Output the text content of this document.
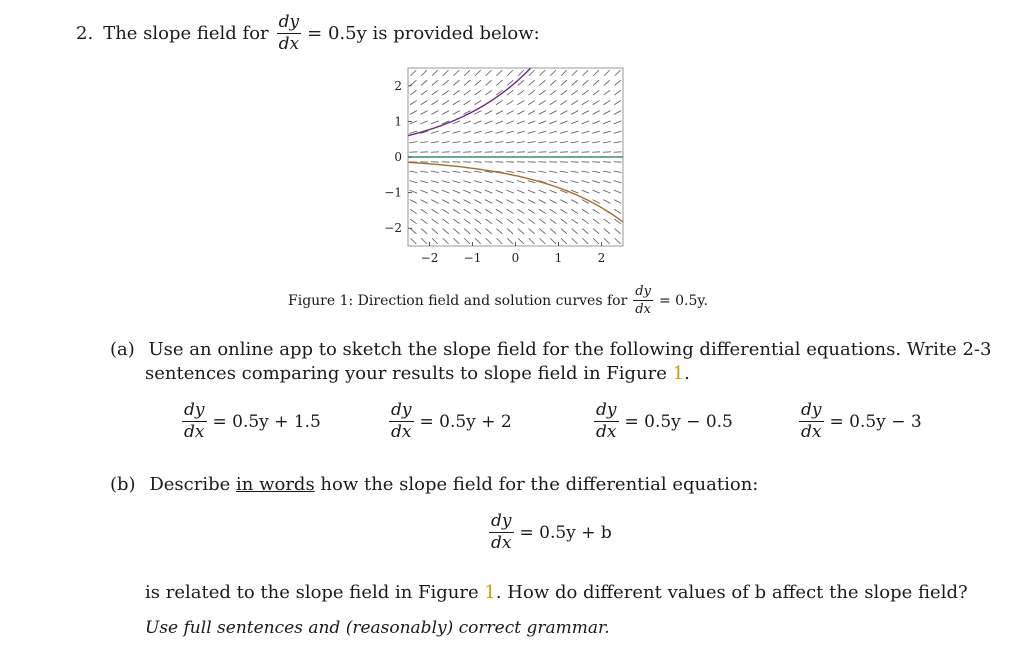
2. The slope field for $\frac{dy}{dx} = 0.5y$ is provided below:
−2 −1	0	1	2
2
1
0
−1
−2
Figure 1: Direction field and solution curves for $\frac{dy}{dx} = 0.5y$.
(a) Use an online app to sketch the slope field for the following differential equations. Write 2-3
sentences comparing your results to slope field in Figure 1.
$\frac{dy}{dx} = 0.5y + 1.5$	$\frac{dy}{dx} = 0.5y + 2$	$\frac{dy}{dx} = 0.5y - 0.5$	$\frac{dy}{dx} = 0.5y - 3$
(b) Describe in words how the slope field for the differential equation:
$\frac{dy}{dx} = 0.5y + b$
is related to the slope field in Figure 1. How do different values of b affect the slope field?
Use full sentences and (reasonably) correct grammar.
